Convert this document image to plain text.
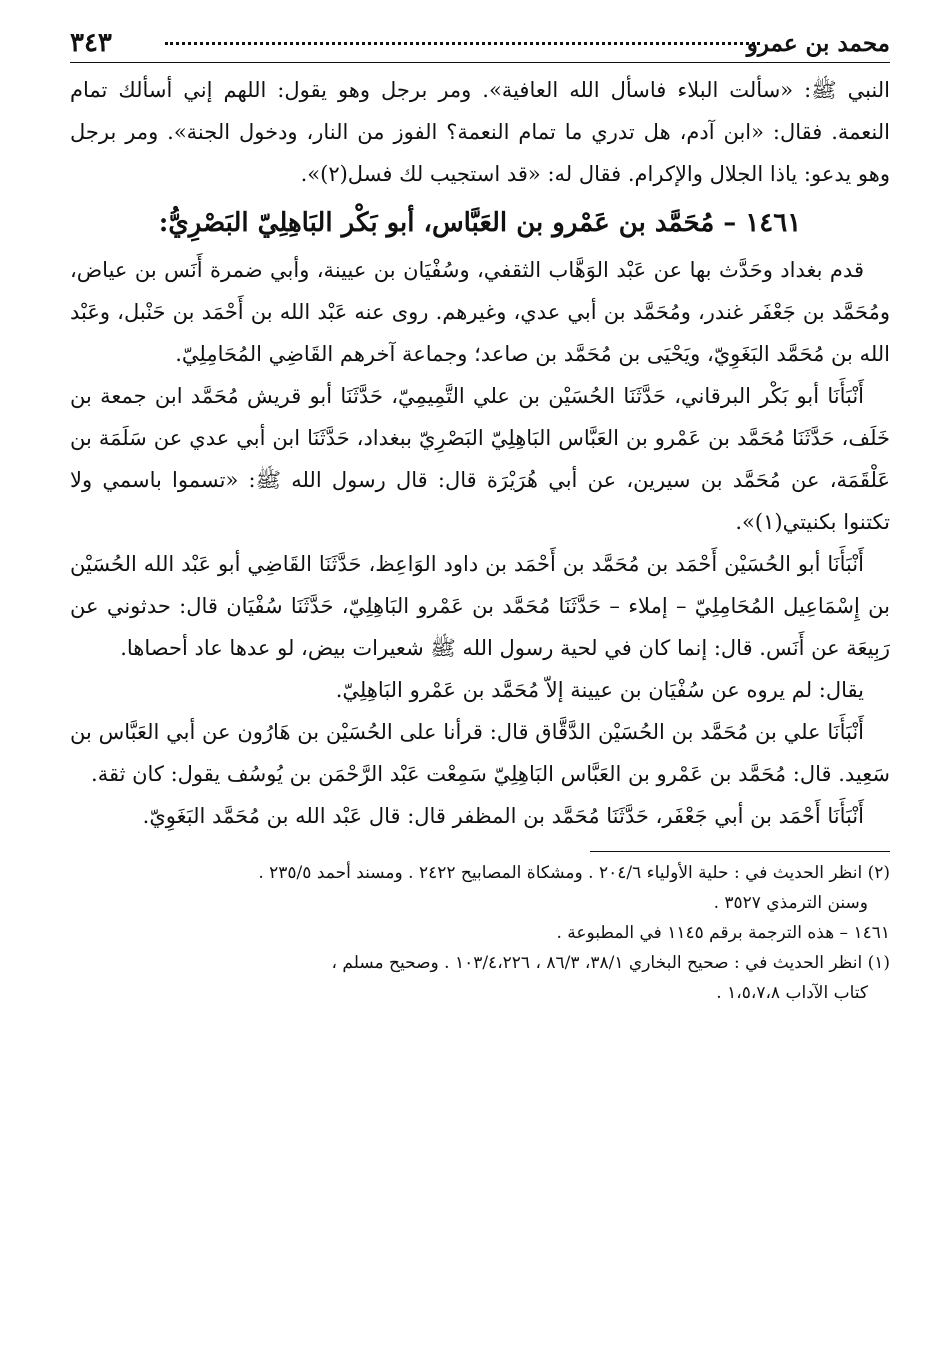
محمد بن عمرو
٣٤٣

النبي ﷺ: «سألت البلاء فاسأل الله العافية». ومر برجل وهو يقول: اللهم إني أسألك تمام النعمة. فقال: «ابن آدم، هل تدري ما تمام النعمة؟ الفوز من النار، ودخول الجنة». ومر برجل وهو يدعو: ياذا الجلال والإكرام. فقال له: «قد استجيب لك فسل(٢)».

١٤٦١ – مُحَمَّد بن عَمْرو بن العَبَّاس، أبو بَكْر البَاهِلِيّ البَصْرِيُّ:

قدم بغداد وحَدَّث بها عن عَبْد الوَهَّاب الثقفي، وسُفْيَان بن عيينة، وأبي ضمرة أَنَس بن عياض، ومُحَمَّد بن جَعْفَر غندر، ومُحَمَّد بن أبي عدي، وغيرهم. روى عنه عَبْد الله بن أَحْمَد بن حَنْبل، وعَبْد الله بن مُحَمَّد البَغَوِيّ، ويَحْيَى بن مُحَمَّد بن صاعد؛ وجماعة آخرهم القَاضِي المُحَامِلِيّ.

أَنْبَأَنَا أبو بَكْر البرقاني، حَدَّثَنَا الحُسَيْن بن علي التَّمِيمِيّ، حَدَّثَنَا أبو قريش مُحَمَّد ابن جمعة بن خَلَف، حَدَّثَنَا مُحَمَّد بن عَمْرو بن العَبَّاس البَاهِلِيّ البَصْرِيّ ببغداد، حَدَّثَنَا ابن أبي عدي عن سَلَمَة بن عَلْقَمَة، عن مُحَمَّد بن سيرين، عن أبي هُرَيْرَة قال: قال رسول الله ﷺ: «تسموا باسمي ولا تكتنوا بكنيتي(١)».

أَنْبَأَنَا أبو الحُسَيْن أَحْمَد بن مُحَمَّد بن أَحْمَد بن داود الوَاعِظ، حَدَّثَنَا القَاضِي أبو عَبْد الله الحُسَيْن بن إِسْمَاعِيل المُحَامِلِيّ – إملاء – حَدَّثَنَا مُحَمَّد بن عَمْرو البَاهِلِيّ، حَدَّثَنَا سُفْيَان قال: حدثوني عن رَبِيعَة عن أَنَس. قال: إنما كان في لحية رسول الله ﷺ شعيرات بيض، لو عدها عاد أحصاها.

يقال: لم يروه عن سُفْيَان بن عيينة إلاّ مُحَمَّد بن عَمْرو البَاهِلِيّ.

أَنْبَأَنَا علي بن مُحَمَّد بن الحُسَيْن الدَّقَّاق قال: قرأنا على الحُسَيْن بن هَارُون عن أبي العَبَّاس بن سَعِيد. قال: مُحَمَّد بن عَمْرو بن العَبَّاس البَاهِلِيّ سَمِعْت عَبْد الرَّحْمَن بن يُوسُف يقول: كان ثقة.

أَنْبَأَنَا أَحْمَد بن أبي جَعْفَر، حَدَّثَنَا مُحَمَّد بن المظفر قال: قال عَبْد الله بن مُحَمَّد البَغَوِيّ.

(٢) انظر الحديث في : حلية الأولياء ٢٠٤/٦ . ومشكاة المصابيح ٢٤٢٢ . ومسند أحمد ٢٣٥/٥ .

وسنن الترمذي ٣٥٢٧ .

١٤٦١ – هذه الترجمة برقم ١١٤٥ في المطبوعة .

(١) انظر الحديث في : صحيح البخاري ٣٨/١، ٨٦/٣ ، ١٠٣/٤،٢٢٦ . وصحيح مسلم ،

كتاب الآداب ١،٥،٧،٨ .
